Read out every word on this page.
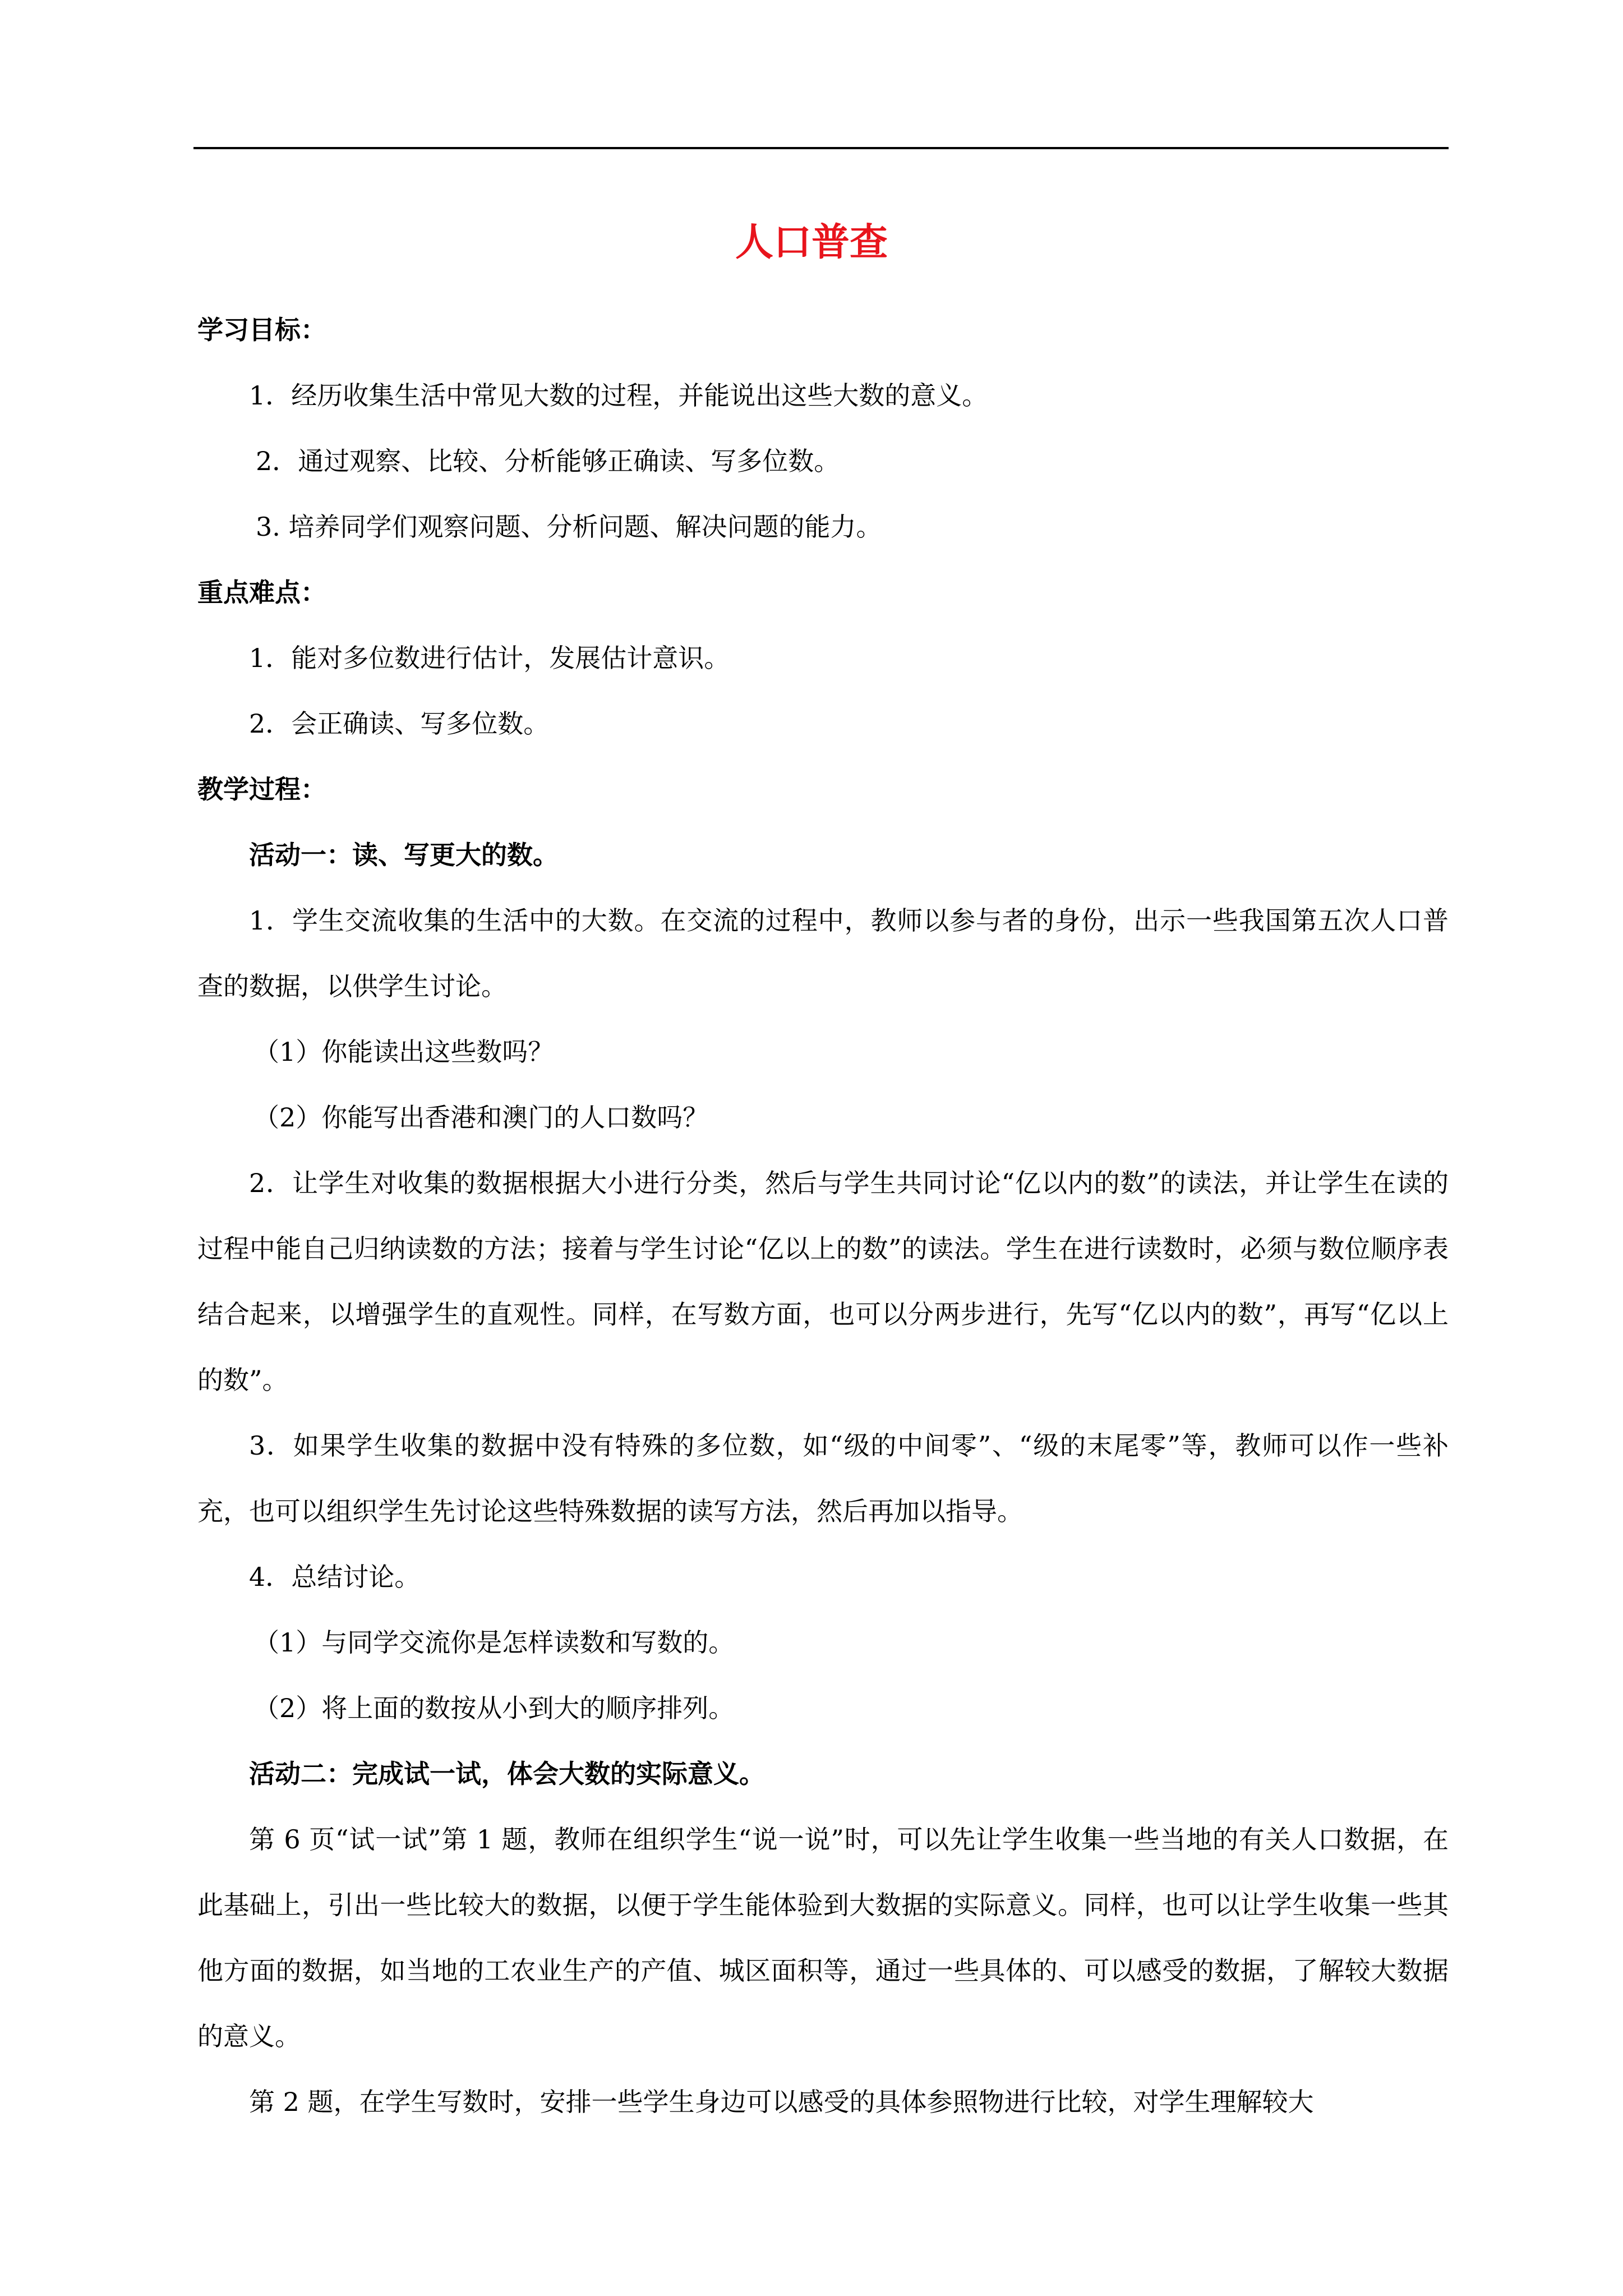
人口普查

学习目标：

1．经历收集生活中常见大数的过程，并能说出这些大数的意义。

2．通过观察、比较、分析能够正确读、写多位数。

3. 培养同学们观察问题、分析问题、解决问题的能力。

重点难点：

1．能对多位数进行估计，发展估计意识。

2．会正确读、写多位数。

教学过程：

活动一：读、写更大的数。

1．学生交流收集的生活中的大数。在交流的过程中，教师以参与者的身份，出示一些我国第五次人口普查的数据，以供学生讨论。

（1）你能读出这些数吗？

（2）你能写出香港和澳门的人口数吗？

2．让学生对收集的数据根据大小进行分类，然后与学生共同讨论“亿以内的数”的读法，并让学生在读的过程中能自己归纳读数的方法；接着与学生讨论“亿以上的数”的读法。学生在进行读数时，必须与数位顺序表结合起来，以增强学生的直观性。同样，在写数方面，也可以分两步进行，先写“亿以内的数”，再写“亿以上的数”。

3．如果学生收集的数据中没有特殊的多位数，如“级的中间零”、“级的末尾零”等，教师可以作一些补充，也可以组织学生先讨论这些特殊数据的读写方法，然后再加以指导。

4．总结讨论。

（1）与同学交流你是怎样读数和写数的。

（2）将上面的数按从小到大的顺序排列。

活动二：完成试一试，体会大数的实际意义。

第 6 页“试一试”第 1 题，教师在组织学生“说一说”时，可以先让学生收集一些当地的有关人口数据，在此基础上，引出一些比较大的数据，以便于学生能体验到大数据的实际意义。同样，也可以让学生收集一些其他方面的数据，如当地的工农业生产的产值、城区面积等，通过一些具体的、可以感受的数据，了解较大数据的意义。

第 2 题，在学生写数时，安排一些学生身边可以感受的具体参照物进行比较，对学生理解较大
